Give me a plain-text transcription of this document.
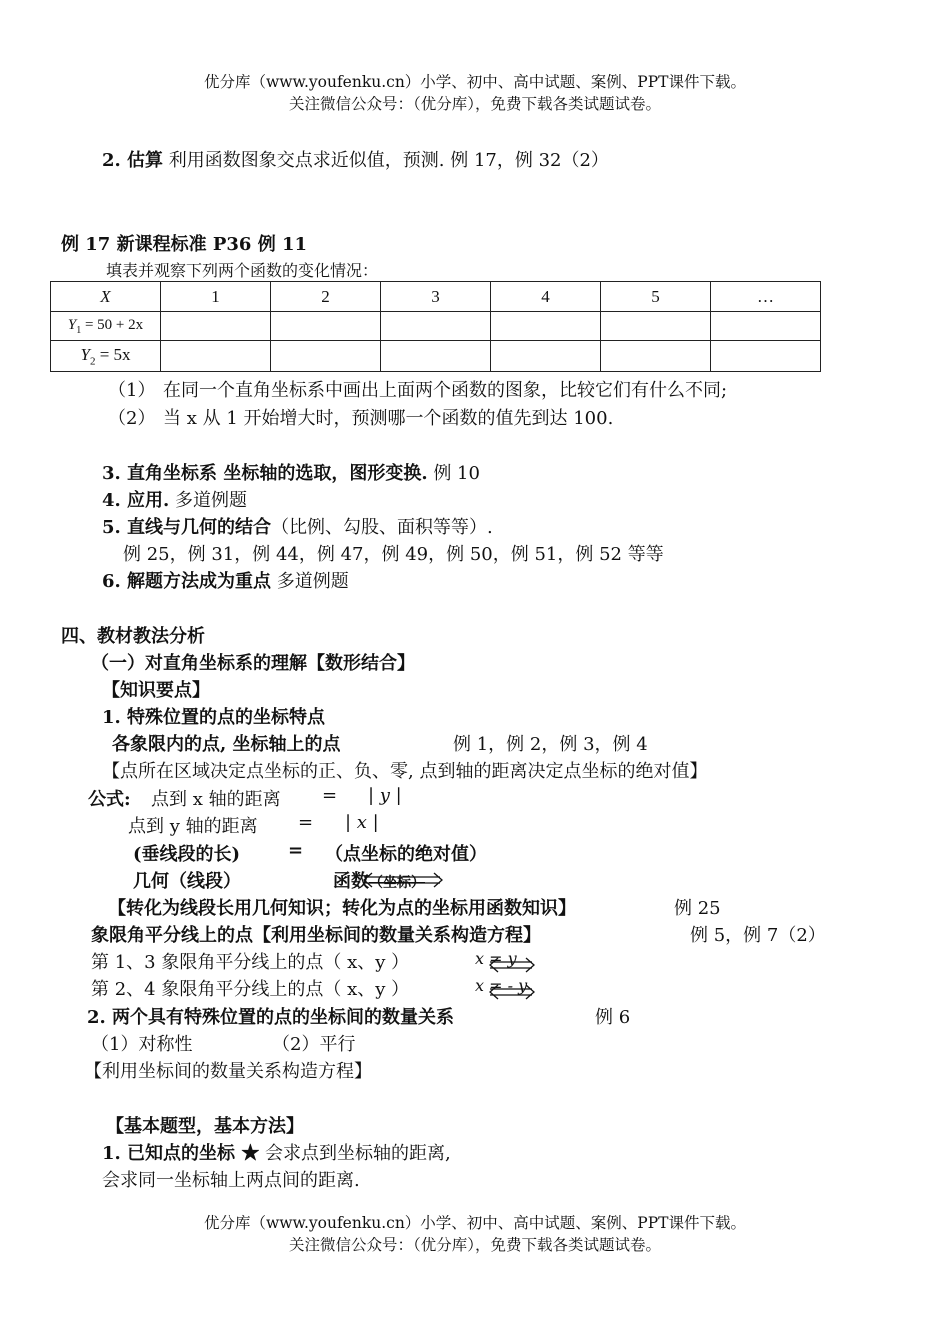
优分库（www.youfenku.cn）小学、初中、高中试题、案例、PPT课件下载。
关注微信公众号：（优分库），免费下载各类试题试卷。
2. 估算 利用函数图象交点求近似值，预测. 例 17，例 32（2）
例 17 新课程标准 P36 例 11
填表并观察下列两个函数的变化情况：
X	1	2	3	4	5	…
$Y_1 = 50 + 2x$						
$Y_2 = 5x$						
（1） 在同一个直角坐标系中画出上面两个函数的图象，比较它们有什么不同;
（2） 当 x 从 1 开始增大时，预测哪一个函数的值先到达 100.
3. 直角坐标系 坐标轴的选取，图形变换. 例 10
4. 应用. 多道例题
5. 直线与几何的结合（比例、勾股、面积等等）.
例 25，例 31，例 44，例 47，例 49，例 50，例 51，例 52 等等
6. 解题方法成为重点 多道例题
四、教材教法分析
（一）对直角坐标系的理解【数形结合】
【知识要点】
1. 特殊位置的点的坐标特点
各象限内的点, 坐标轴上的点	例 1，例 2，例 3，例 4
【点所在区域决定点坐标的正、负、零, 点到轴的距离决定点坐标的绝对值】
公式: 点到 x 轴的距离 = | y |
点到 y 轴的距离 = | x |
(垂线段的长)	= （点坐标的绝对值）
几何（线段）	函数（坐标）
【转化为线段长用几何知识；转化为点的坐标用函数知识】	例 25
象限角平分线上的点【利用坐标间的数量关系构造方程】	例 5，例 7（2）
第 1、3 象限角平分线上的点（ x、y ）	x = y
第 2、4 象限角平分线上的点（ x、y ）	x = - y
2. 两个具有特殊位置的点的坐标间的数量关系	例 6
（1）对称性	（2）平行
【利用坐标间的数量关系构造方程】
【基本题型，基本方法】
1. 已知点的坐标 ★ 会求点到坐标轴的距离,
会求同一坐标轴上两点间的距离.
优分库（www.youfenku.cn）小学、初中、高中试题、案例、PPT课件下载。
关注微信公众号：（优分库），免费下载各类试题试卷。
